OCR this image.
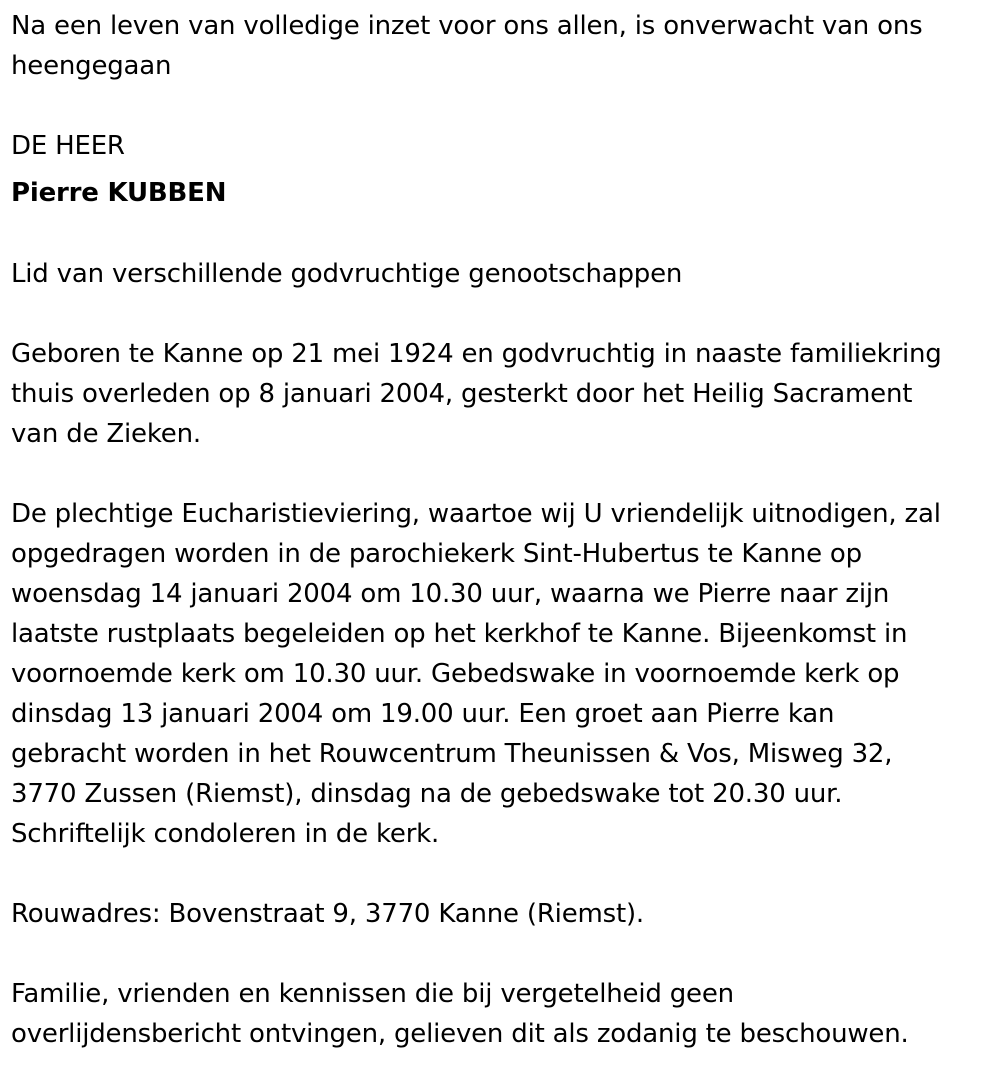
Na een leven van volledige inzet voor ons allen, is onverwacht van ons
heengegaan
DE HEER
Pierre KUBBEN
Lid van verschillende godvruchtige genootschappen
Geboren te Kanne op 21 mei 1924 en godvruchtig in naaste familiekring
thuis overleden op 8 januari 2004, gesterkt door het Heilig Sacrament
van de Zieken.
De plechtige Eucharistieviering, waartoe wij U vriendelijk uitnodigen, zal
opgedragen worden in de parochiekerk Sint-Hubertus te Kanne op
woensdag 14 januari 2004 om 10.30 uur, waarna we Pierre naar zijn
laatste rustplaats begeleiden op het kerkhof te Kanne. Bijeenkomst in
voornoemde kerk om 10.30 uur. Gebedswake in voornoemde kerk op
dinsdag 13 januari 2004 om 19.00 uur. Een groet aan Pierre kan
gebracht worden in het Rouwcentrum Theunissen & Vos, Misweg 32,
3770 Zussen (Riemst), dinsdag na de gebedswake tot 20.30 uur.
Schriftelijk condoleren in de kerk.
Rouwadres: Bovenstraat 9, 3770 Kanne (Riemst).
Familie, vrienden en kennissen die bij vergetelheid geen
overlijdensbericht ontvingen, gelieven dit als zodanig te beschouwen.
